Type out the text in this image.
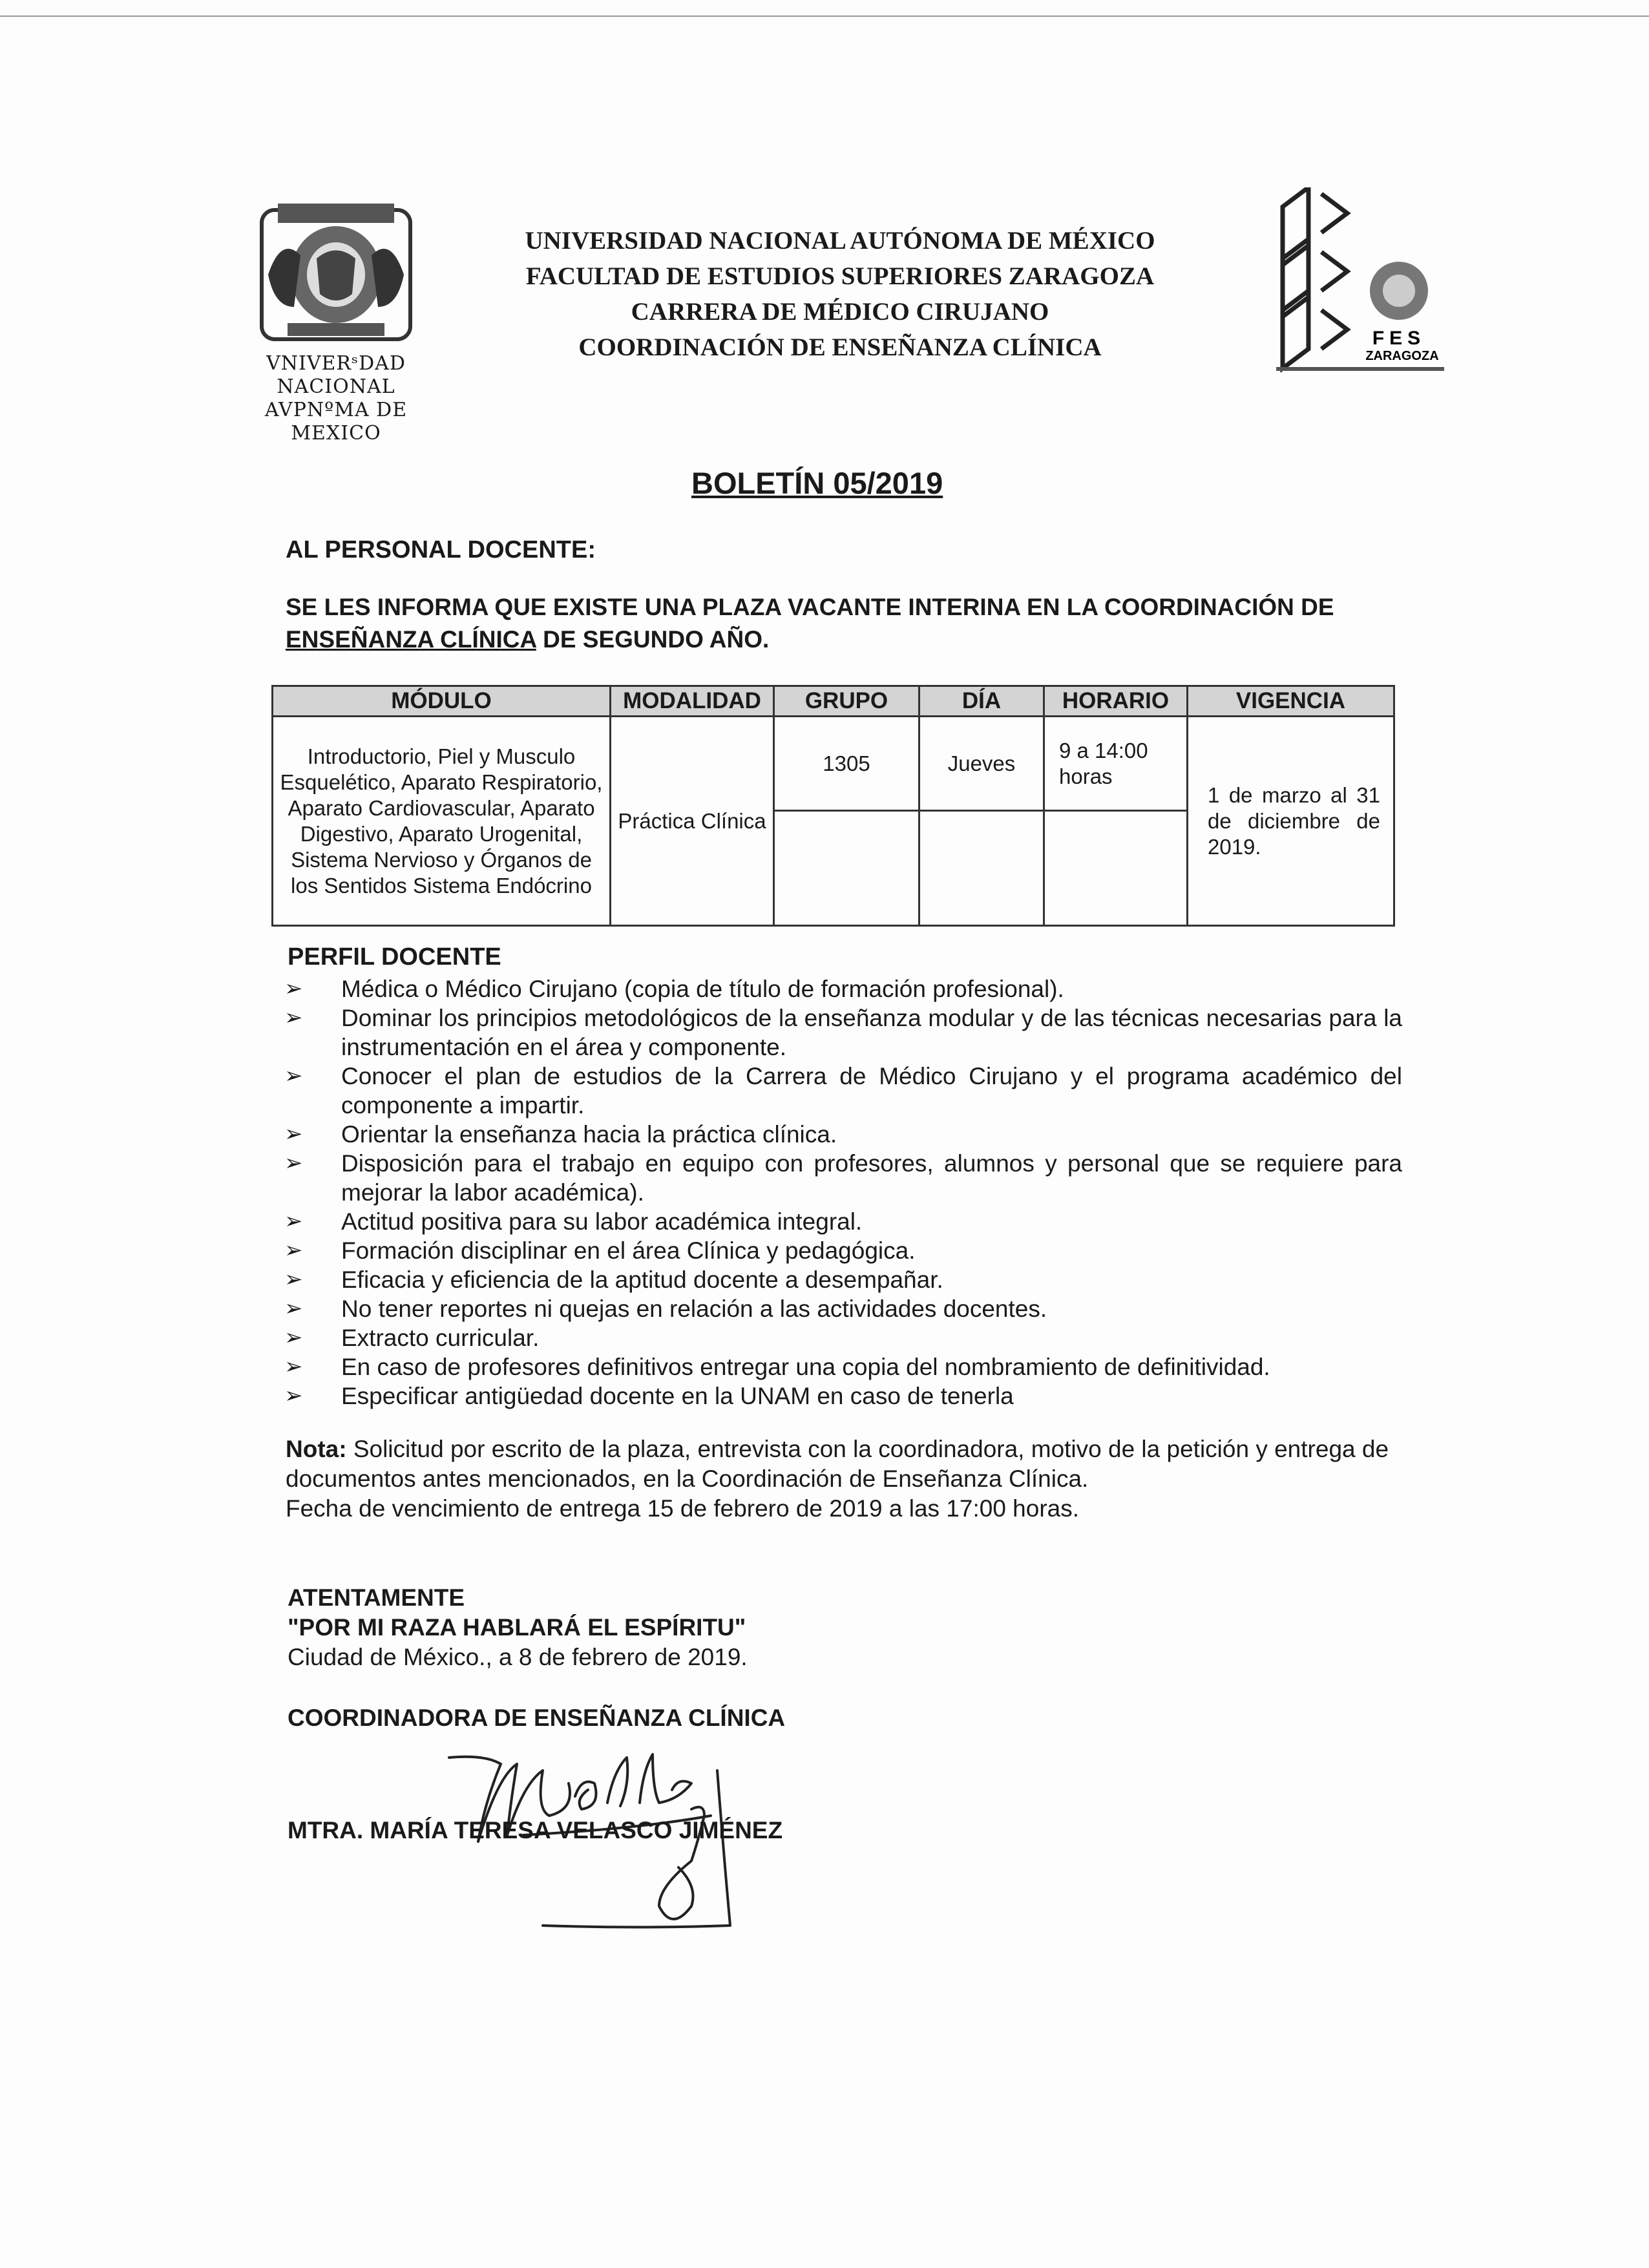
VNIVERˢDAD NACIONAL
AVPNºMA DE
MEXICO
UNIVERSIDAD NACIONAL AUTÓNOMA DE MÉXICO
FACULTAD DE ESTUDIOS SUPERIORES ZARAGOZA
CARRERA DE MÉDICO CIRUJANO
COORDINACIÓN DE ENSEÑANZA CLÍNICA	FES
ZARAGOZA
BOLETÍN 05/2019
AL PERSONAL DOCENTE:
SE LES INFORMA QUE EXISTE UNA PLAZA VACANTE INTERINA EN LA COORDINACIÓN DE ENSEÑANZA CLÍNICA DE SEGUNDO AÑO.
MÓDULO	MODALIDAD	GRUPO	DÍA	HORARIO	VIGENCIA
Introductorio, Piel y Musculo Esquelético, Aparato Respiratorio, Aparato Cardiovascular, Aparato Digestivo, Aparato Urogenital, Sistema Nervioso y Órganos de los Sentidos Sistema Endócrino	Práctica Clínica	1305	Jueves	9 a 14:00 horas	1 de marzo al 31 de diciembre de 2019.

PERFIL DOCENTE
➢ Médica o Médico Cirujano (copia de título de formación profesional).
➢ Dominar los principios metodológicos de la enseñanza modular y de las técnicas necesarias para la instrumentación en el área y componente.
➢ Conocer el plan de estudios de la Carrera de Médico Cirujano y el programa académico del componente a impartir.
➢ Orientar la enseñanza hacia la práctica clínica.
➢ Disposición para el trabajo en equipo con profesores, alumnos y personal que se requiere para mejorar la labor académica).
➢ Actitud positiva para su labor académica integral.
➢ Formación disciplinar en el área Clínica y pedagógica.
➢ Eficacia y eficiencia de la aptitud docente a desempañar.
➢ No tener reportes ni quejas en relación a las actividades docentes.
➢ Extracto curricular.
➢ En caso de profesores definitivos entregar una copia del nombramiento de definitividad.
➢ Especificar antigüedad docente en la UNAM en caso de tenerla
Nota: Solicitud por escrito de la plaza, entrevista con la coordinadora, motivo de la petición y entrega de documentos antes mencionados, en la Coordinación de Enseñanza Clínica.
Fecha de vencimiento de entrega 15 de febrero de 2019 a las 17:00 horas.
ATENTAMENTE
"POR MI RAZA HABLARÁ EL ESPÍRITU"
Ciudad de México., a 8 de febrero de 2019.
COORDINADORA DE ENSEÑANZA CLÍNICA
MTRA. MARÍA TERESA VELASCO JIMÉNEZ
